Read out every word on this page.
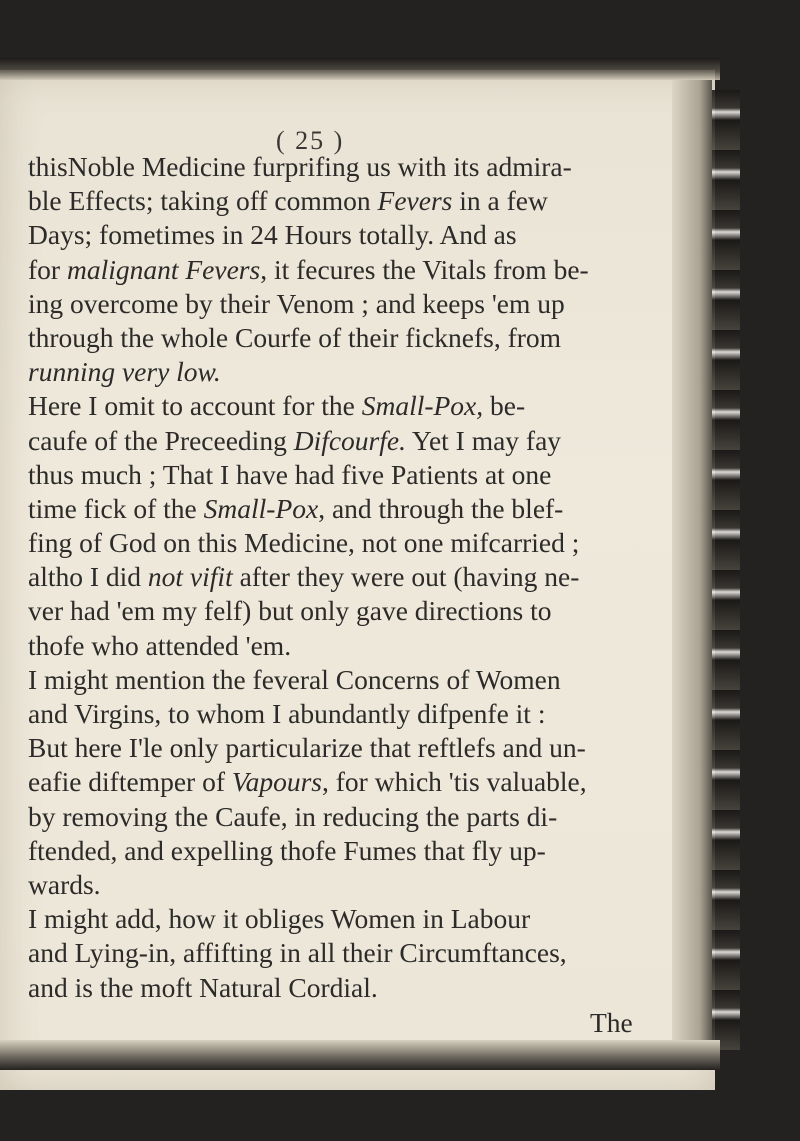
( 25 )
thisNoble Medicine furprifing us with its admira-
ble Effects; taking off common Fevers in a few
Days; fometimes in 24 Hours totally. And as
for malignant Fevers, it fecures the Vitals from be-
ing overcome by their Venom ; and keeps 'em up
through the whole Courfe of their ficknefs, from
running very low.
Here I omit to account for the Small-Pox, be-
caufe of the Preceeding Difcourfe. Yet I may fay
thus much ; That I have had five Patients at one
time fick of the Small-Pox, and through the blef-
fing of God on this Medicine, not one mifcarried ;
altho I did not vifit after they were out (having ne-
ver had 'em my felf) but only gave directions to
thofe who attended 'em.
I might mention the feveral Concerns of Women
and Virgins, to whom I abundantly difpenfe it :
But here I'le only particularize that reftlefs and un-
eafie diftemper of Vapours, for which 'tis valuable,
by removing the Caufe, in reducing the parts di-
ftended, and expelling thofe Fumes that fly up-
wards.
I might add, how it obliges Women in Labour
and Lying-in, affifting in all their Circumftances,
and is the moft Natural Cordial.
The
